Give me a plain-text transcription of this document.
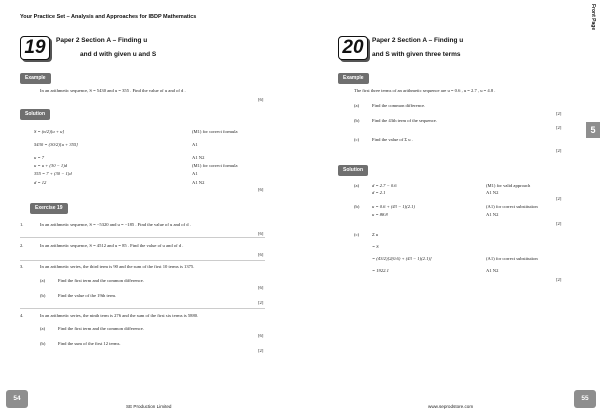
Your Practice Set – Analysis and Approaches for IBDP Mathematics
19	Paper 2 Section A – Finding u
and d with given u and S
Example
In an arithmetic sequence, S = 5430 and u = 355 . Find the value of u and of d .
[6]
Solution
S = (n/2)[u + u]	(M1) for correct formula
5430 = (30/2)[u + 355]	A1
u = 7	A1 N2
u = u + (30 − 1)d	(M1) for correct formula
355 = 7 + (30 − 1)d	A1
d = 12	A1 N2
[6]
Exercise 19
1.	In an arithmetic sequence, S = −5320 and u = −185 . Find the value of u and of d .
[6]
2.	In an arithmetic sequence, S = 4512 and u = 85 . Find the value of u and of d .
[6]
3.	In an arithmetic series, the third term is 90 and the sum of the first 10 terms is 1375.
(a)	Find the first term and the common difference.
[6]
(b)	Find the value of the 19th term.
[2]
4.	In an arithmetic series, the ninth term is 276 and the sum of the first six terms is 5880.
(a)	Find the first term and the common difference.
[6]
(b)	Find the sum of the first 12 terms.
[2]
54
SE Production Limited
Front Page
5
20	Paper 2 Section A – Finding u
and S with given three terms
Example
The first three terms of an arithmetic sequence are u = 0.6 , u = 2.7 , u = 4.8 .
(a)	Find the common difference.
[2]
(b)	Find the 43th term of the sequence.
[2]
(c)	Find the value of Σ u .
[2]
Solution
(a)	d = 2.7 − 0.6	(M1) for valid approach
d = 2.1	A1 N2
[2]
(b)	u = 0.6 + (43 − 1)(2.1)	(A1) for correct substitution
u = 88.8	A1 N2
[2]
(c)	Σ u
= S
= (43/2)[2(0.6) + (43 − 1)(2.1)]	(A1) for correct substitution
= 1922.1	A1 N2
[2]
55
www.seprodstore.com
